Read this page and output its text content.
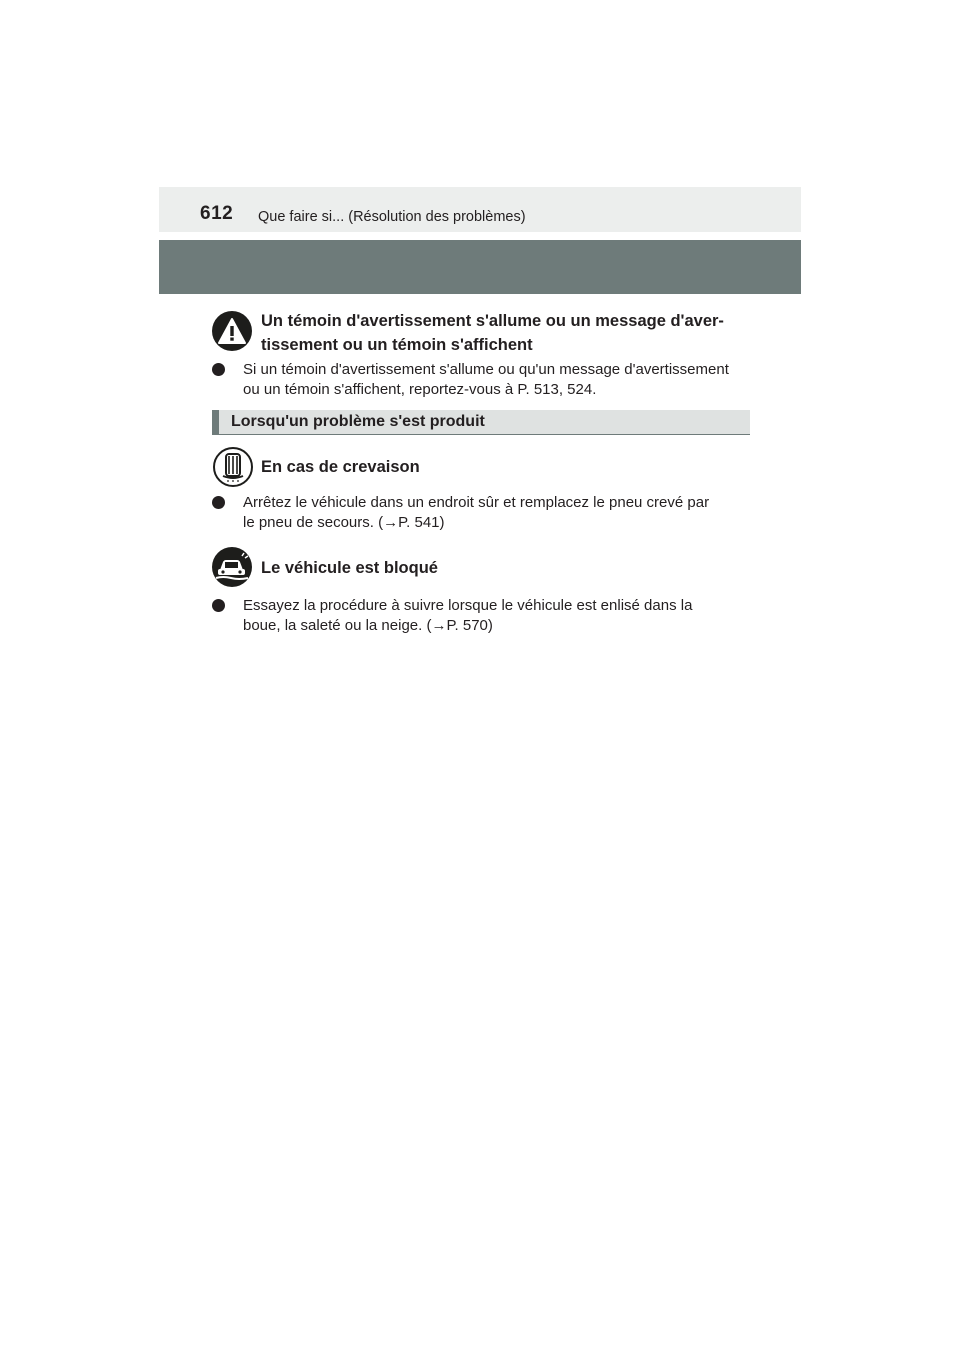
612 Que faire si... (Résolution des problèmes)
Un témoin d'avertissement s'allume ou un message d'aver-
tissement ou un témoin s'affichent
Si un témoin d'avertissement s'allume ou qu'un message d'avertissement
ou un témoin s'affichent, reportez-vous à P. 513, 524.
Lorsqu'un problème s'est produit
En cas de crevaison
Arrêtez le véhicule dans un endroit sûr et remplacez le pneu crevé par
le pneu de secours. (→P. 541)
Le véhicule est bloqué
Essayez la procédure à suivre lorsque le véhicule est enlisé dans la
boue, la saleté ou la neige. (→P. 570)
